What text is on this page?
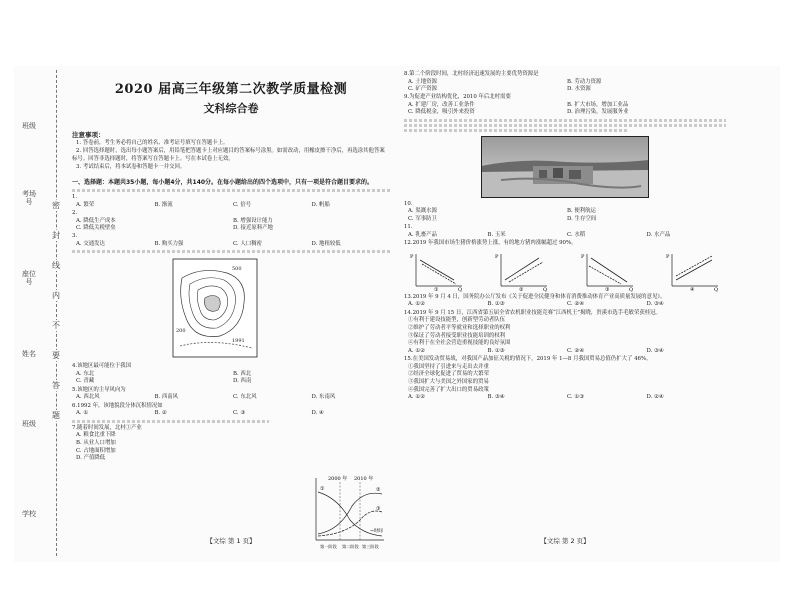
班级
考场号
座位号
姓名
班级
学校
密
封
线
内
不
要
答
题
2020 届高三年级第二次教学质量检测
文科综合卷
注意事项：

1. 答卷前，考生务必将自己的姓名、准考证号填写在答题卡上。

2. 回答选择题时，选出每小题答案后，用铅笔把答题卡上对应题目的答案标号涂黑。如需改动，用橡皮擦干净后，再选涂其他答案标号。回答非选择题时，将答案写在答题卡上。写在本试卷上无效。

3. 考试结束后，将本试卷和答题卡一并交回。

一、选择题：本题共35小题，每小题4分，共140分。在每小题给出的四个选项中，只有一项是符合题目要求的。
1.
A. 繁荣	B. 渐流	C. 倍号	D. 帆船
2.
A. 降低生产成本	B. 增强设计能力
C. 降低关税壁垒	D. 接近原料产地
3.
A. 交通发达	B. 购买力强	C. 人口稠密	D. 地租较低
1991
500
200
4.该地区最可能位于我国
A. 东北	B. 西北
C. 青藏	D. 西南
5.该地区的主导风向为
A. 西北风	B. 西南风	C. 东北风	D. 东南风
6.1992 年，该地貌段分体沉积情况如
A. ①	B. ②	C. ③	D. ④
7.随着时间发展，北村①产业
A. 粮食比重下降
B. 从业人口增加
C. 占地面积增加
D. 产值降低
2000 年 2010 年
第一阶段 第二阶段 第三阶段
→时间
①	②
③
【文综 第 1 页】
8.第二个阶段时间，北村经济迅速发展的主要优势资源是
A. 土地资源	B. 劳动力资源
C. 矿产资源	D. 水资源
9.为促进产业结构优化，2010 年后北村需要
A. 扩建厂房，改善工业条件	B. 扩大市场，增加工业品
C. 降低税金，吸引外来投资	D. 治理污染，发展服务业
10.
A. 渠溉水源	B. 便利航运
C. 军事防卫	D. 生存空间
11.
A. 乳畜产品	B. 玉米	C. 水稻	D. 水产品
12.2019 年我国市场生猪价格涨势上涨，有的地方猪肉涨幅超过 90%。
P
Q
①
P
Q
②
P
Q
③
P
Q
④
13.2019 年 9 月 4 日，国务院办公厅发布《关于促进全民健身和体育消费推动体育产业高质量发展的意见》。
A. ①②	B. ①③	C. ②④	D. ③④
14.2019 年 9 月 15 日，江西省第五届全省农机职业技能竞赛“江西机王”揭晓，贵溪市选手毛敏荣获桂冠。
①有利于建设技能型，创新型劳动者队伍
②维护了劳动者平等就业和选择职业的权利
③保证了劳动者接受职业技能培训的权利
④有利于在全社会营造重视技能的良好氛围
A. ①②	B. ①③	C. ②④	D. ③④
15.在美国发动贸易战，对我国产品加征关税的情况下，2019 年 1—8 月我国贸易总值仍扩大了 46%。
①我国坚持了引进来与走出去并重
②经济全球化促进了贸易的大繁荣
③我国扩大与美国之外国家的贸易
④我国完善了扩大出口的贸易政策
A. ①②	B. ③④	C. ①③	D. ②④
【文综 第 2 页】
